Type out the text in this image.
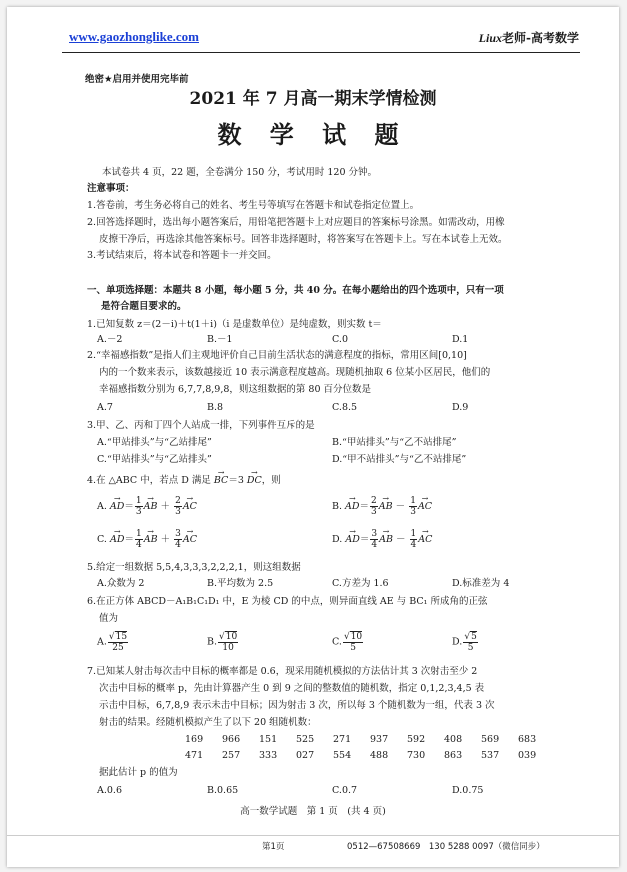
www.gaozhonglike.com	Liux老师-高考数学
绝密★启用并使用完毕前
2021 年 7 月高一期末学情检测
数 学 试 题
本试卷共 4 页，22 题，全卷满分 150 分，考试用时 120 分钟。
注意事项：
1.答卷前，考生务必将自己的姓名、考生号等填写在答题卡和试卷指定位置上。
2.回答选择题时，选出每小题答案后，用铅笔把答题卡上对应题目的答案标号涂黑。如需改动，用橡
皮擦干净后，再选涂其他答案标号。回答非选择题时，将答案写在答题卡上。写在本试卷上无效。
3.考试结束后，将本试卷和答题卡一并交回。
一、单项选择题：本题共 8 小题，每小题 5 分，共 40 分。在每小题给出的四个选项中，只有一项
是符合题目要求的。
1.已知复数 z＝(2－i)＋t(1＋i)（i 是虚数单位）是纯虚数，则实数 t＝
A.－2	B.－1	C.0	D.1
2.“幸福感指数”是指人们主观地评价自己目前生活状态的满意程度的指标，常用区间[0,10]
内的一个数来表示，该数越接近 10 表示满意程度越高。现随机抽取 6 位某小区居民，他们的
幸福感指数分别为 6,7,7,8,9,8，则这组数据的第 80 百分位数是
A.7	B.8	C.8.5	D.9
3.甲、乙、丙和丁四个人站成一排，下列事件互斥的是
A.“甲站排头”与“乙站排尾”	B.“甲站排头”与“乙不站排尾”
C.“甲站排头”与“乙站排头”	D.“甲不站排头”与“乙不站排尾”
4.在 △ABC 中，若点 D 满足 → BC＝3 → DC，则
A. → $AD= \frac{1}{3}$ → AB ＋ $\frac{2}{3}$ → AC	B. → $AD= \frac{2}{3}$ → AB － $\frac{1}{3}$ → AC
C. → $AD= \frac{1}{4}$ → AB ＋ $\frac{3}{4}$ → AC	D. → $AD= \frac{3}{4}$ → AB － $\frac{1}{4}$ → AC
5.给定一组数据 5,5,4,3,3,3,2,2,2,1，则这组数据
A.众数为 2	B.平均数为 2.5	C.方差为 1.6	D.标准差为 4
6.在正方体 ABCD－A₁B₁C₁D₁ 中，E 为棱 CD 的中点，则异面直线 AE 与 BC₁ 所成角的正弦
值为
A. $\frac{√15}{25}$	B. $\frac{√10}{10}$	C. $\frac{√10}{5}$	D. $\frac{√5}{5}$
7.已知某人射击每次击中目标的概率都是 0.6，现采用随机模拟的方法估计其 3 次射击至少 2
次击中目标的概率 p，先由计算器产生 0 到 9 之间的整数值的随机数，指定 0,1,2,3,4,5 表
示击中目标，6,7,8,9 表示未击中目标；因为射击 3 次，所以每 3 个随机数为一组，代表 3 次
射击的结果。经随机模拟产生了以下 20 组随机数：
169 966 151 525 271 937 592 408 569 683
471 257 333 027 554 488 730 863 537 039
据此估计 p 的值为
A.0.6	B.0.65	C.0.7	D.0.75
高一数学试题　第 1 页　(共 4 页)
第1页	0512—67508669　130 5288 0097（微信同步）
